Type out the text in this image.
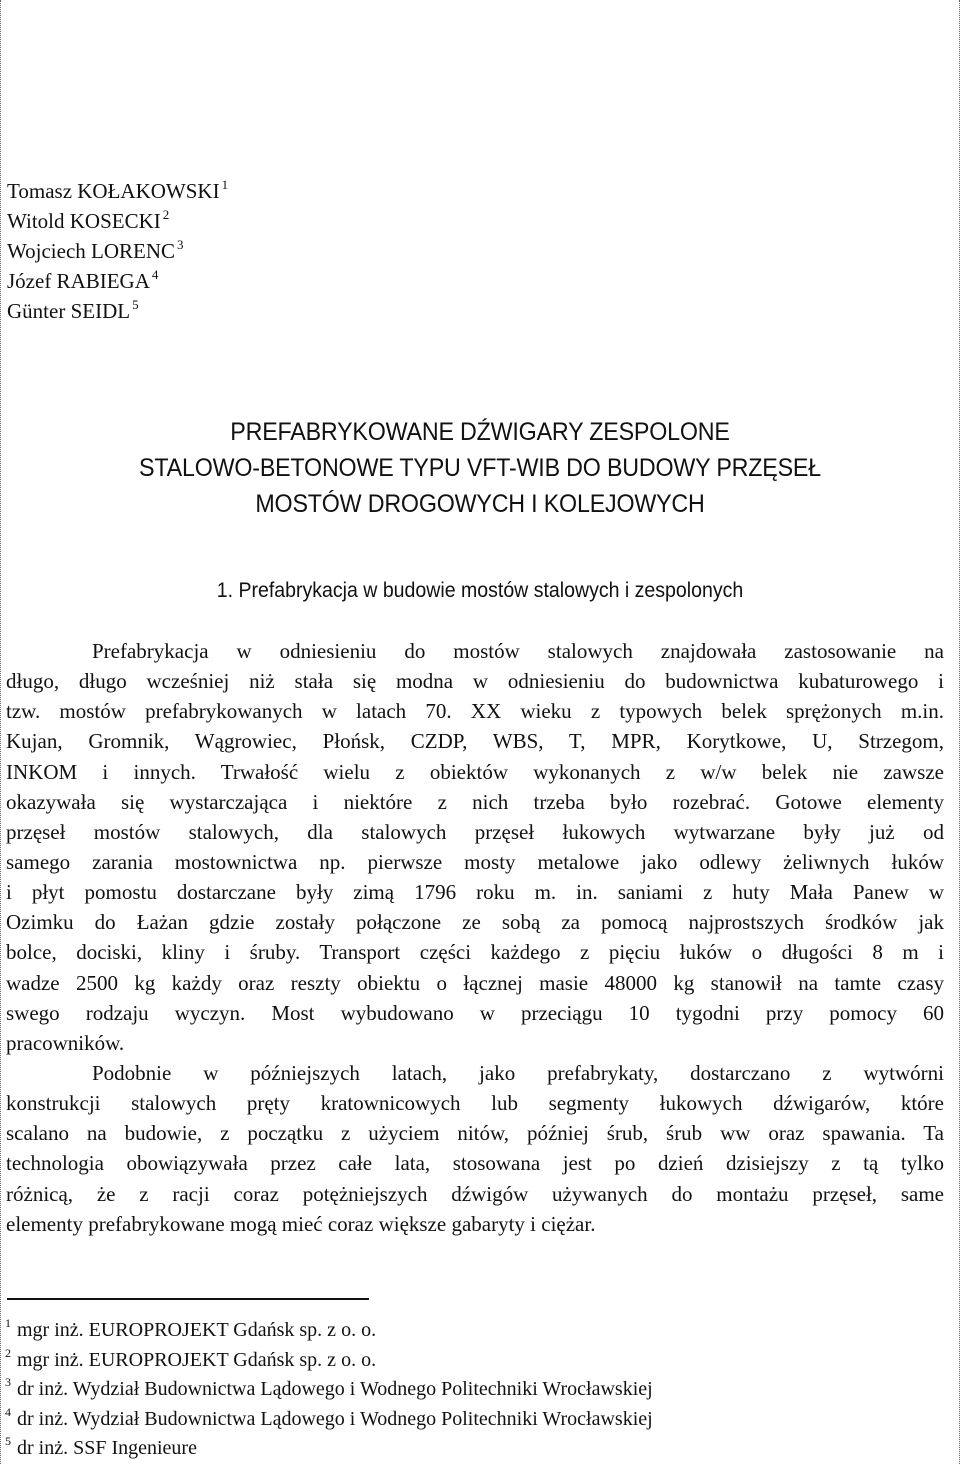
Tomasz KOŁAKOWSKI $^1$
Witold KOSECKI $^2$
Wojciech LORENC $^3$
Józef RABIEGA $^4$
Günter SEIDL $^5$
PREFABRYKOWANE DŹWIGARY ZESPOLONE
STALOWO-BETONOWE TYPU VFT-WIB DO BUDOWY PRZĘSEŁ
MOSTÓW DROGOWYCH I KOLEJOWYCH
1. Prefabrykacja w budowie mostów stalowych i zespolonych
Prefabrykacja w odniesieniu do mostów stalowych znajdowała zastosowanie na
długo, długo wcześniej niż stała się modna w odniesieniu do budownictwa kubaturowego i
tzw. mostów prefabrykowanych w latach 70. XX wieku z typowych belek sprężonych m.in.
Kujan, Gromnik, Wągrowiec, Płońsk, CZDP, WBS, T, MPR, Korytkowe, U, Strzegom,
INKOM i innych. Trwałość wielu z obiektów wykonanych z w/w belek nie zawsze
okazywała się wystarczająca i niektóre z nich trzeba było rozebrać. Gotowe elementy
przęseł mostów stalowych, dla stalowych przęseł łukowych wytwarzane były już od
samego zarania mostownictwa np. pierwsze mosty metalowe jako odlewy żeliwnych łuków
i płyt pomostu dostarczane były zimą 1796 roku m. in. saniami z huty Mała Panew w
Ozimku do Łażan gdzie zostały połączone ze sobą za pomocą najprostszych środków jak
bolce, dociski, kliny i śruby. Transport części każdego z pięciu łuków o długości 8 m i
wadze 2500 kg każdy oraz reszty obiektu o łącznej masie 48000 kg stanowił na tamte czasy
swego rodzaju wyczyn. Most wybudowano w przeciągu 10 tygodni przy pomocy 60
pracowników.
Podobnie w późniejszych latach, jako prefabrykaty, dostarczano z wytwórni
konstrukcji stalowych pręty kratownicowych lub segmenty łukowych dźwigarów, które
scalano na budowie, z początku z użyciem nitów, później śrub, śrub ww oraz spawania. Ta
technologia obowiązywała przez całe lata, stosowana jest po dzień dzisiejszy z tą tylko
różnicą, że z racji coraz potężniejszych dźwigów używanych do montażu przęseł, same
elementy prefabrykowane mogą mieć coraz większe gabaryty i ciężar.
$^1$ mgr inż. EUROPROJEKT Gdańsk sp. z o. o.
$^2$ mgr inż. EUROPROJEKT Gdańsk sp. z o. o.
$^3$ dr inż. Wydział Budownictwa Lądowego i Wodnego Politechniki Wrocławskiej
$^4$ dr inż. Wydział Budownictwa Lądowego i Wodnego Politechniki Wrocławskiej
$^5$ dr inż. SSF Ingenieure
